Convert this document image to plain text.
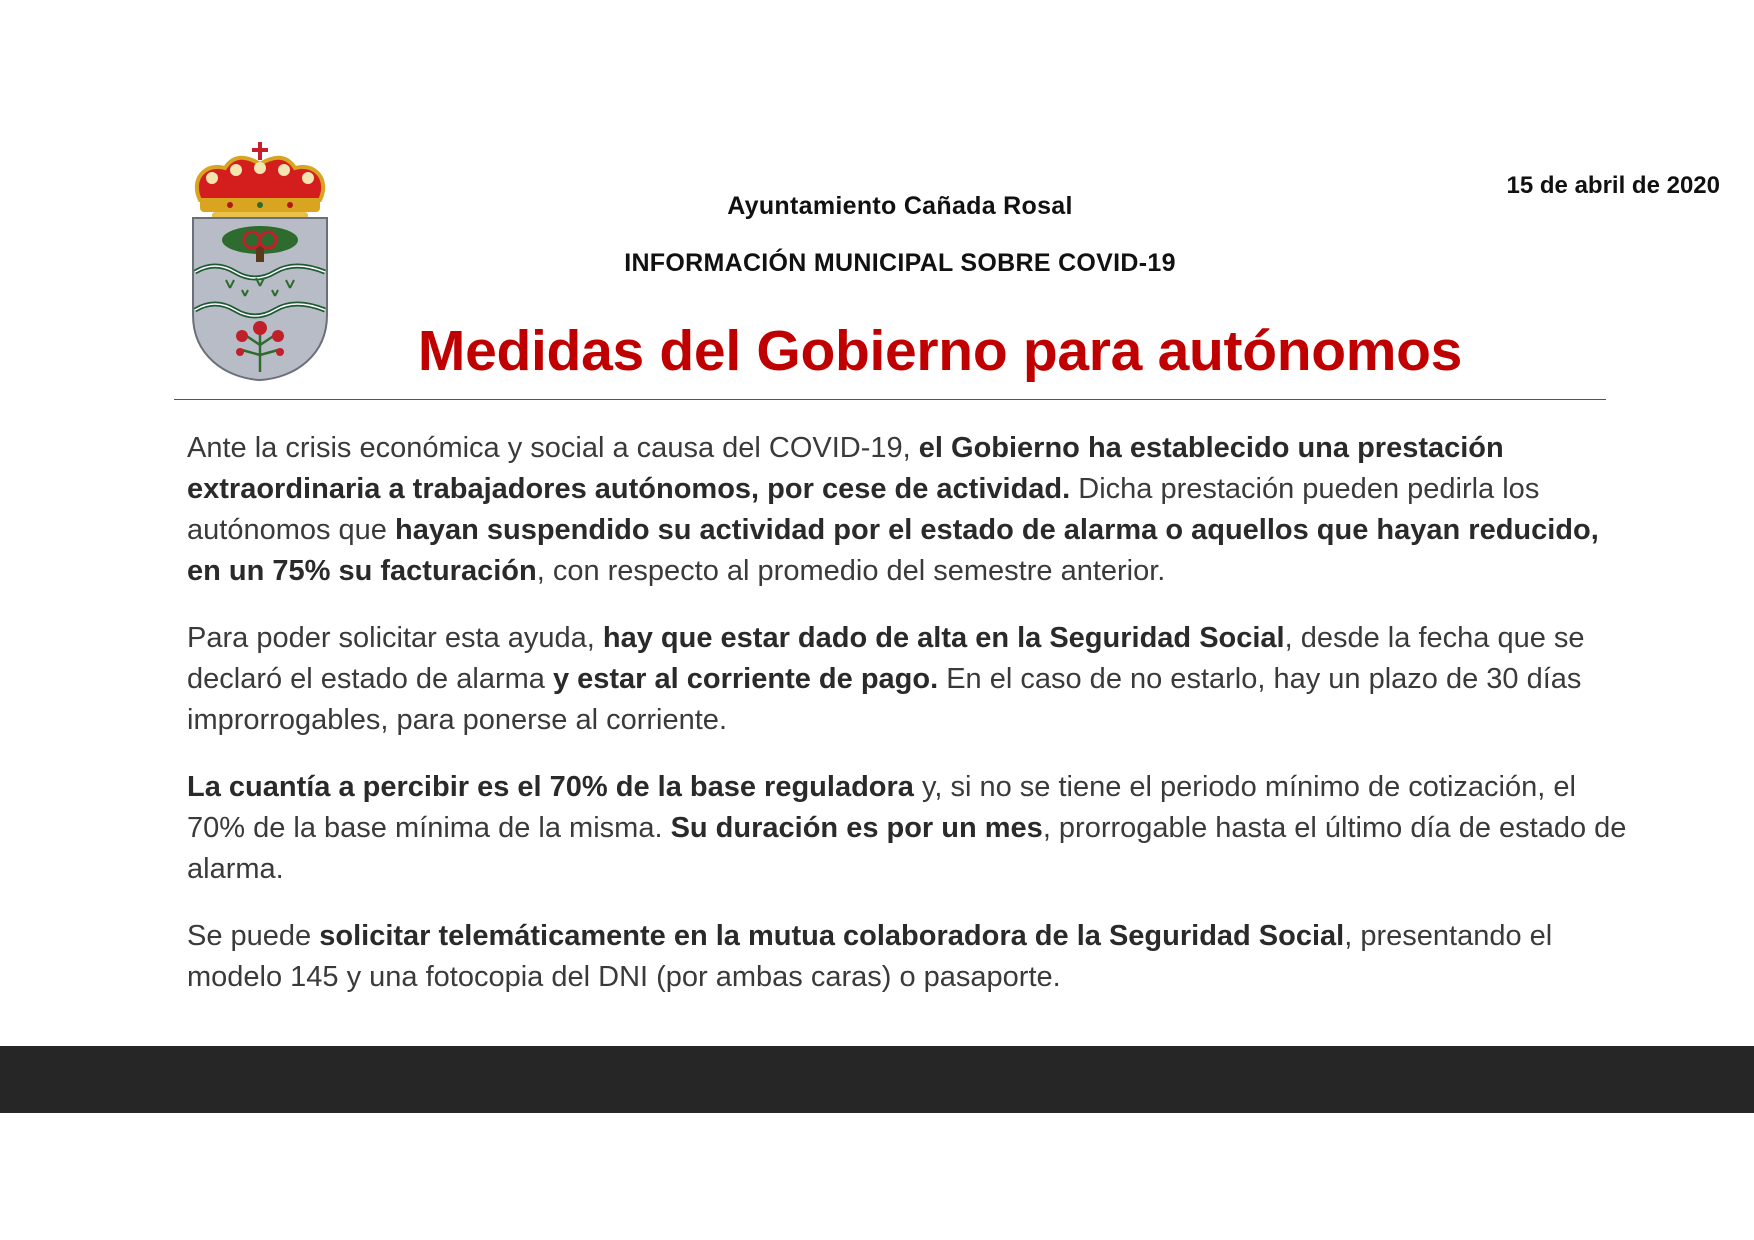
15 de abril de 2020
Ayuntamiento Cañada Rosal
INFORMACIÓN MUNICIPAL SOBRE COVID-19
Medidas del Gobierno para autónomos

Ante la crisis económica y social a causa del COVID-19, el Gobierno ha establecido una prestación extraordinaria a trabajadores autónomos, por cese de actividad. Dicha prestación pueden pedirla los autónomos que hayan suspendido su actividad por el estado de alarma o aquellos que hayan reducido, en un 75% su facturación, con respecto al promedio del semestre anterior.

Para poder solicitar esta ayuda, hay que estar dado de alta en la Seguridad Social, desde la fecha que se declaró el estado de alarma y estar al corriente de pago. En el caso de no estarlo, hay un plazo de 30 días improrrogables, para ponerse al corriente.

La cuantía a percibir es el 70% de la base reguladora y, si no se tiene el periodo mínimo de cotización, el 70% de la base mínima de la misma. Su duración es por un mes, prorrogable hasta el último día de estado de alarma.

Se puede solicitar telemáticamente en la mutua colaboradora de la Seguridad Social, presentando el modelo 145 y una fotocopia del DNI (por ambas caras) o pasaporte.
